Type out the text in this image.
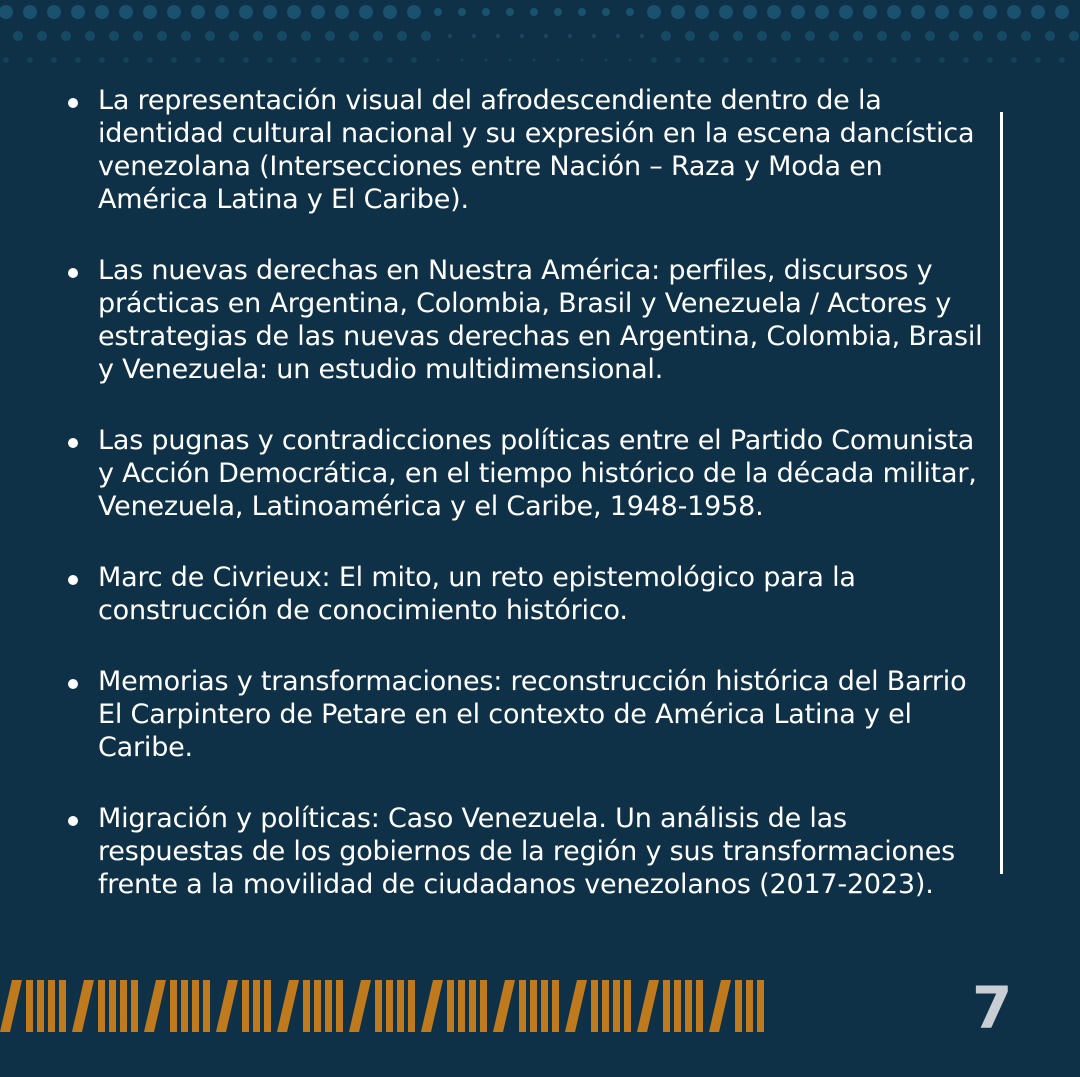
La representación visual del afrodescendiente dentro de la identidad cultural nacional y su expresión en la escena dancística venezolana (Intersecciones entre Nación – Raza y Moda en América Latina y El Caribe).
Las nuevas derechas en Nuestra América: perfiles, discursos y prácticas en Argentina, Colombia, Brasil y Venezuela / Actores y estrategias de las nuevas derechas en Argentina, Colombia, Brasil y Venezuela: un estudio multidimensional.
Las pugnas y contradicciones políticas entre el Partido Comunista y Acción Democrática, en el tiempo histórico de la década militar, Venezuela, Latinoamérica y el Caribe, 1948-1958.
Marc de Civrieux: El mito, un reto epistemológico para la construcción de conocimiento histórico.
Memorias y transformaciones: reconstrucción histórica del Barrio El Carpintero de Petare en el contexto de América Latina y el Caribe.
Migración y políticas: Caso Venezuela. Un análisis de las respuestas de los gobiernos de la región y sus transformaciones frente a la movilidad de ciudadanos venezolanos (2017-2023).
7
